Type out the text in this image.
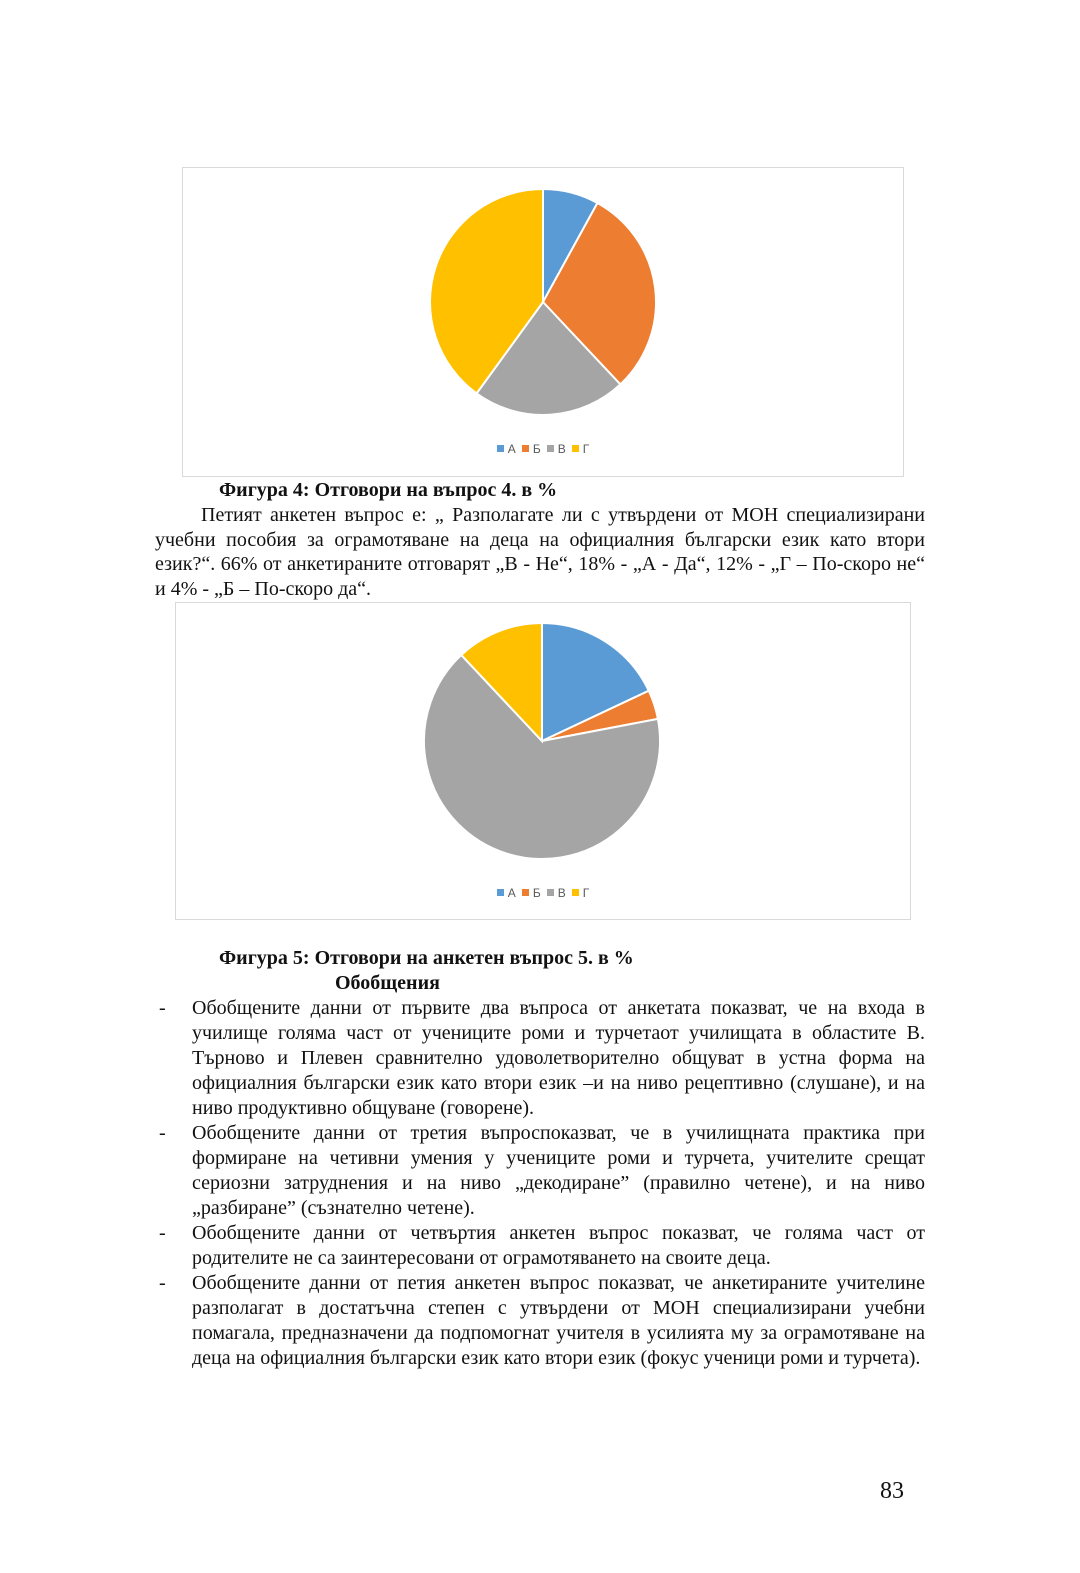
А Б В Г
Фигура 4: Отговори на въпрос 4. в %
Петият анкетен въпрос е: „ Разполагате ли с утвърдени от МОН специализирани учебни пособия за ограмотяване на деца на официалния български език като втори език?“. 66% от анкетираните отговарят „В - Не“, 18% - „А - Да“, 12% - „Г – По-скоро не“ и 4% - „Б – По-скоро да“.
А Б В Г
Фигура 5: Отговори на анкетен въпрос 5. в %
Обобщения
- Обобщените данни от първите два въпроса от анкетата показват, че на входа в училище голяма част от учениците роми и турчетаот училищата в областите В. Търново и Плевен сравнително удоволетворително общуват в устна форма на официалния български език като втори език –и на ниво рецептивно (слушане), и на ниво продуктивно общуване (говорене).
- Обобщените данни от третия въпроспоказват, че в училищната практика при формиране на четивни умения у учениците роми и турчета, учителите срещат сериозни затруднения и на ниво „декодиране” (правилно четене), и на ниво „разбиране” (съзнателно четене).
- Обобщените данни от четвъртия анкетен въпрос показват, че голяма част от родителите не са заинтересовани от ограмотяването на своите деца.
- Обобщените данни от петия анкетен въпрос показват, че анкетираните учителине разполагат в достатъчна степен с утвърдени от МОН специализирани учебни помагала, предназначени да подпомогнат учителя в усилията му за ограмотяване на деца на официалния български език като втори език (фокус ученици роми и турчета).
83
